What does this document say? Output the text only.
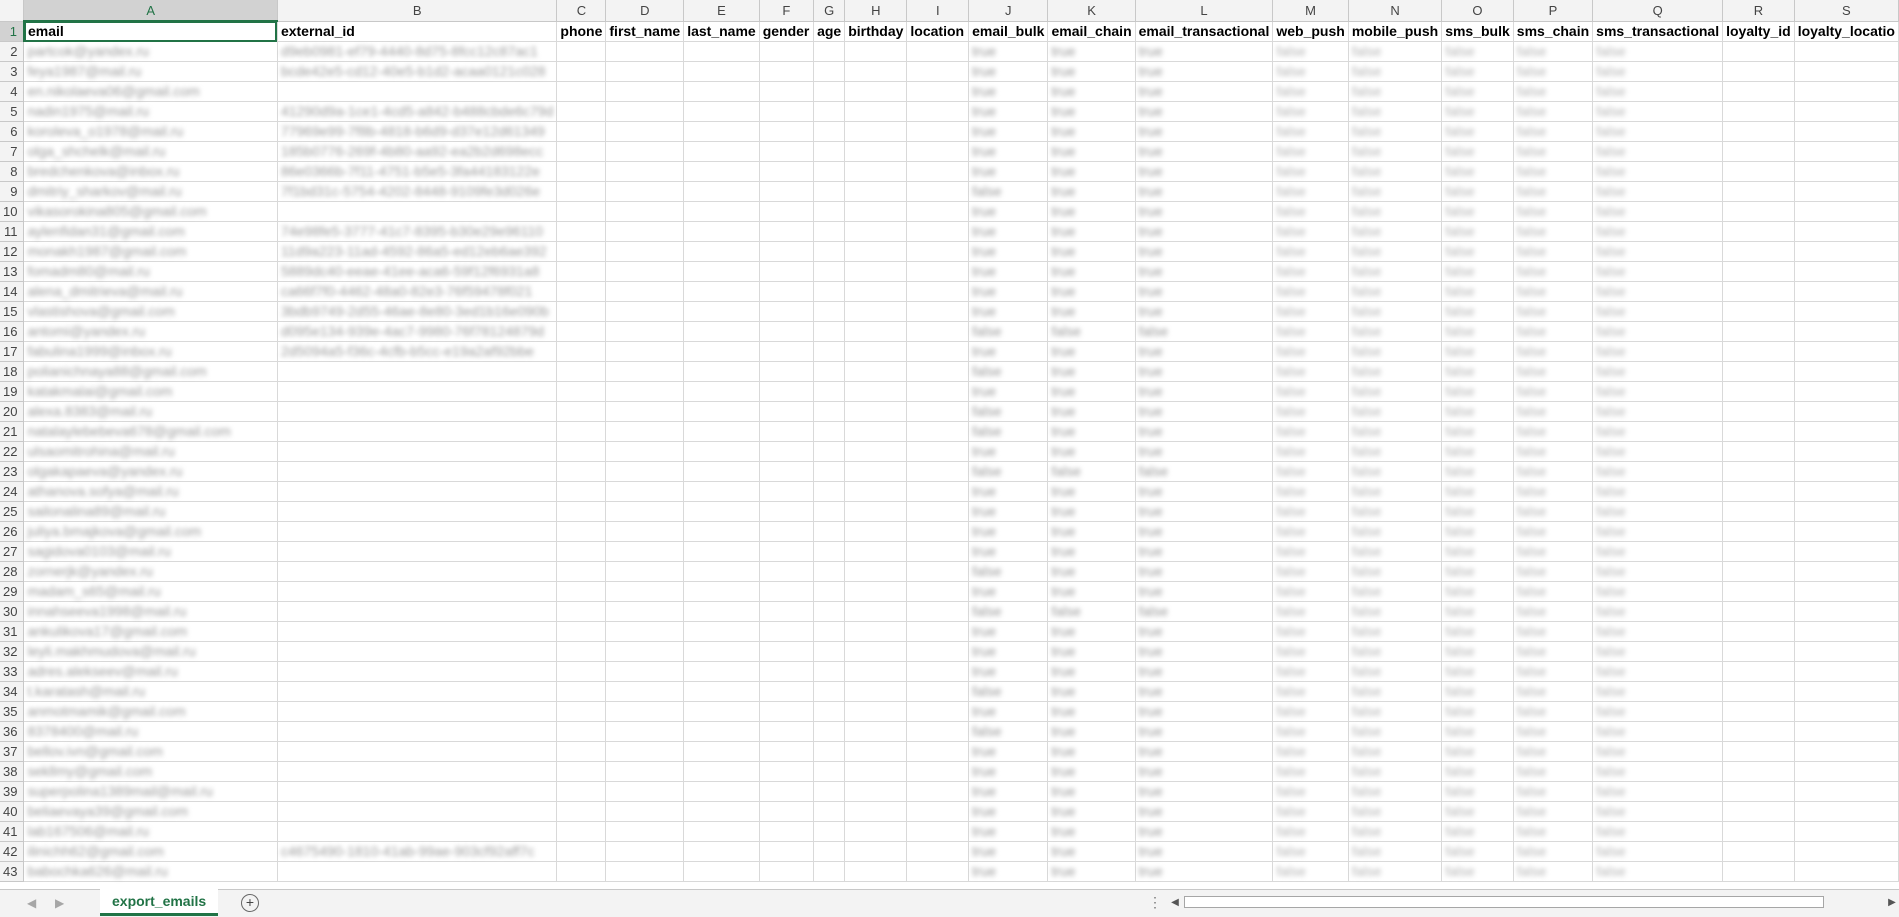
	A	B	C	D	E	F	G	H	I	J	K	L	M	N	O	P	Q	R	S
1	email	external_id	phone	first_name	last_name	gender	age	birthday	location	email_bulk	email_chain	email_transactional	web_push	mobile_push	sms_bulk	sms_chain	sms_transactional	loyalty_id	loyalty_locatio
2	partcok@yandex.ru	d9eb0981-ef79-4440-8d75-8fcc12c87ac1								true	true	true	false	false	false	false	false		
3	feya1987@mail.ru	bcde42e5-cd12-40e5-b1d2-acaa0121c028								true	true	true	false	false	false	false	false		
4	en.nikolaeva06@gmail.com									true	true	true	false	false	false	false	false		
5	nadin1975@mail.ru	41290d9a-1ce1-4cd5-a842-b488cbde6c79d								true	true	true	false	false	false	false	false		
6	korolevа_o1978@mail.ru	77969e99-7f8b-4818-b6d9-d37e12d61349								true	true	true	false	false	false	false	false		
7	olga_shchelk@mail.ru	185b0776-269f-4b80-aa92-ea2b2d698ecc								true	true	true	false	false	false	false	false		
8	bredchenkova@inbox.ru	86e0366b-7f11-4751-b5e5-3fa44183122e								true	true	true	false	false	false	false	false		
9	dmitriy_sharkov@mail.ru	7f1bd31c-5754-4202-8448-9109fe3d026e								false	true	true	false	false	false	false	false		
10	vikasorokina805@gmail.com									true	true	true	false	false	false	false	false		
11	aylenfidan31@gmail.com	74e98fe5-3777-41c7-8395-b30e29e96110								true	true	true	false	false	false	false	false		
12	monakh1987@gmail.com	11d9a223-11ad-4592-86a5-ed12eb6ae392								true	true	true	false	false	false	false	false		
13	fomadm80@mail.ru	5889dc40-eeae-41ee-aca6-59f12f6931a8								true	true	true	false	false	false	false	false		
14	alena_dmitrieva@mail.ru	ca66f7f0-4462-48a0-82e3-76f59478f021								true	true	true	false	false	false	false	false		
15	vlastishova@gmail.com	3bdb9749-2d55-46ae-8e80-3ed1b16e090b								true	true	true	false	false	false	false	false		
16	antomi@yandex.ru	d095e134-939e-4ac7-9980-76f78124879d								false	false	false	false	false	false	false	false		
17	fabulina1999@inbox.ru	2d5094a5-f36c-4cfb-b5cc-e19a2af92bbe								true	true	true	false	false	false	false	false		
18	polianichnaya88@gmail.com									false	true	true	false	false	false	false	false		
19	katakmalai@gmail.com									true	true	true	false	false	false	false	false		
20	alexa.8383@mail.ru									false	true	true	false	false	false	false	false		
21	natalaylebebeva678@gmail.com									false	true	true	false	false	false	false	false		
22	ulsaomitrohina@mail.ru									true	true	true	false	false	false	false	false		
23	olgakapaeva@yandex.ru									false	false	false	false	false	false	false	false		
24	athanova.sofya@mail.ru									true	true	true	false	false	false	false	false		
25	sailonalina89@mail.ru									true	true	true	false	false	false	false	false		
26	juliya.bmajkova@gmail.com									true	true	true	false	false	false	false	false		
27	sagidova0103@mail.ru									true	true	true	false	false	false	false	false		
28	zornerjk@yandex.ru									false	true	true	false	false	false	false	false		
29	madam_s65@mail.ru									true	true	true	false	false	false	false	false		
30	innahseeva1998@mail.ru									false	false	false	false	false	false	false	false		
31	ankulikova17@gmail.com									true	true	true	false	false	false	false	false		
32	leyli.makhmudova@mail.ru									true	true	true	false	false	false	false	false		
33	adres.alekseev@mail.ru									true	true	true	false	false	false	false	false		
34	t.karatash@mail.ru									false	true	true	false	false	false	false	false		
35	anmotmamik@gmail.com									true	true	true	false	false	false	false	false		
36	8378400@mail.ru									false	true	true	false	false	false	false	false		
37	bellov.ivn@gmail.com									true	true	true	false	false	false	false	false		
38	sekllmy@gmail.com									true	true	true	false	false	false	false	false		
39	superpolina1389mail@mail.ru									true	true	true	false	false	false	false	false		
40	beliaevaya39@gmail.com									true	true	true	false	false	false	false	false		
41	lab167506@mail.ru									true	true	true	false	false	false	false	false		
42	ilinichh62@gmail.com	c4675490-1810-41ab-99ae-903cf92aff7c								true	true	true	false	false	false	false	false		
43	babochka626@mail.ru									true	true	true	false	false	false	false	false		
◀ ▶	export_emails	+	⋮ ◀	▶
